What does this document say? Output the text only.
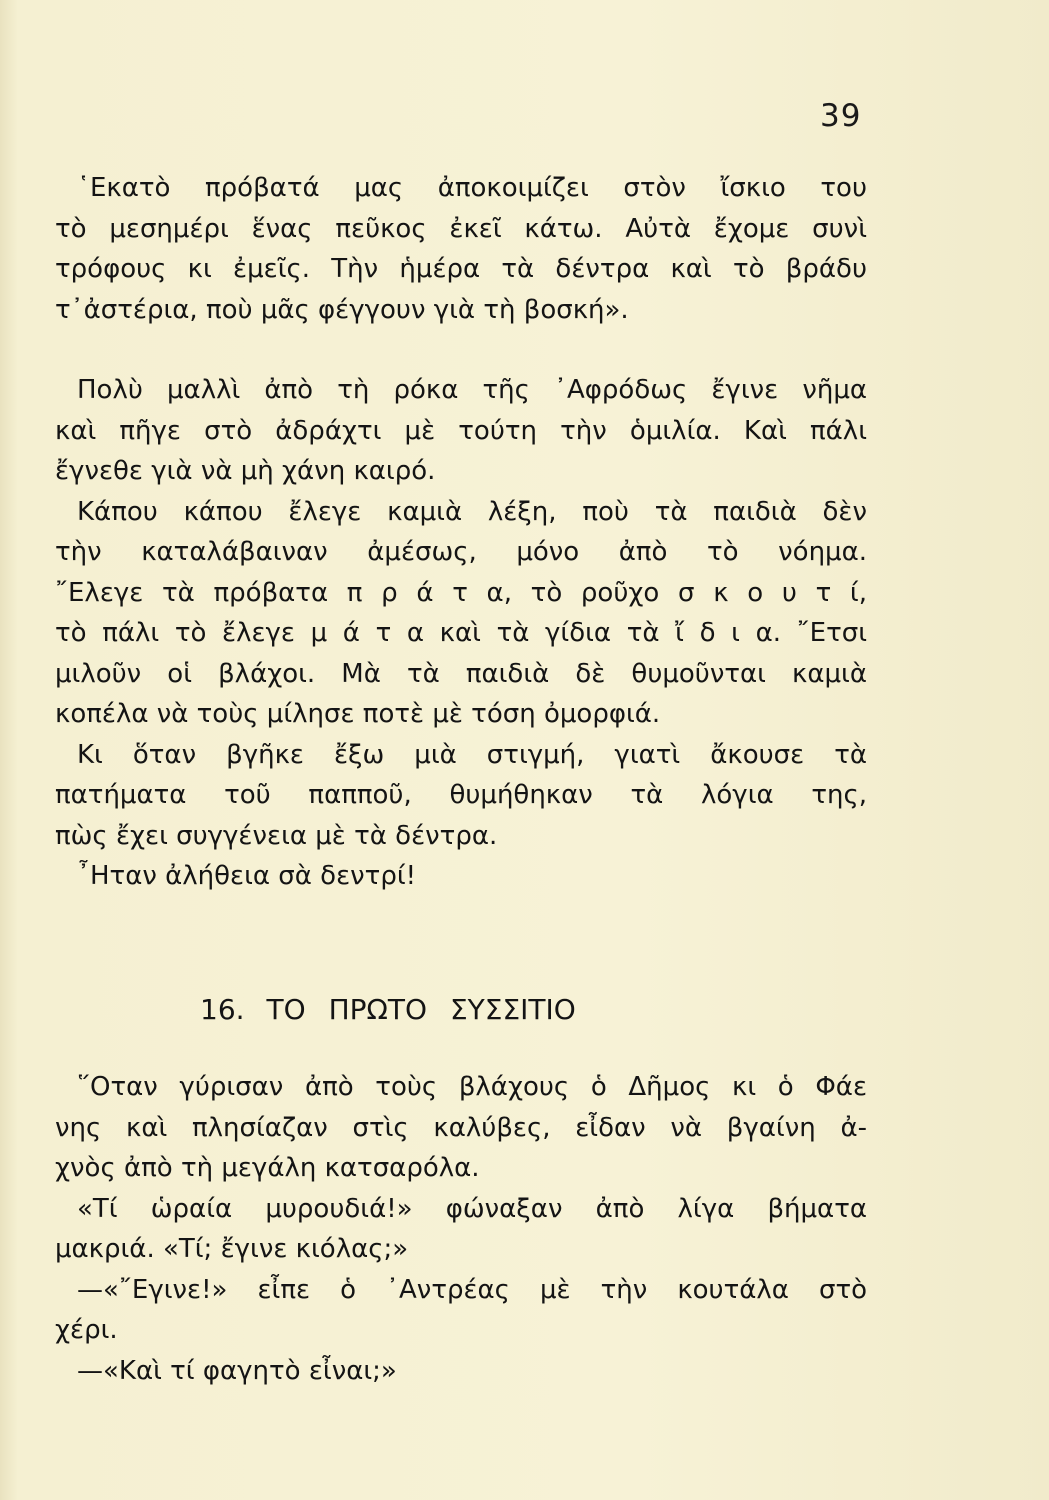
39
῾Εκατὸ πρόβατά μας ἀποκοιμίζει στὸν ἴσκιο του
τὸ μεσημέρι ἕνας πεῦκος ἐκεῖ κάτω. Αὐτὰ ἔχομε συνὶ
τρόφους κι ἐμεῖς. Τὴν ἡμέρα τὰ δέντρα καὶ τὸ βράδυ
τ᾿ἀστέρια, ποὺ μᾶς φέγγουν γιὰ τὴ βοσκή».
Πολὺ μαλλὶ ἀπὸ τὴ ρόκα τῆς ᾿Αφρόδως ἔγινε νῆμα
καὶ πῆγε στὸ ἀδράχτι μὲ τούτη τὴν ὁμιλία. Καὶ πάλι
ἔγνεθε γιὰ νὰ μὴ χάνη καιρό.
Κάπου κάπου ἔλεγε καμιὰ λέξη, ποὺ τὰ παιδιὰ δὲν
τὴν καταλάβαιναν ἀμέσως, μόνο ἀπὸ τὸ νόημα.
῎Ελεγε τὰ πρόβατα π ρ ά τ α, τὸ ροῦχο σ κ ο υ τ ί,
τὸ πάλι τὸ ἔλεγε μ ά τ α καὶ τὰ γίδια τὰ ἴ δ ι α. ῎Ετσι
μιλοῦν οἱ βλάχοι. Μὰ τὰ παιδιὰ δὲ θυμοῦνται καμιὰ
κοπέλα νὰ τοὺς μίλησε ποτὲ μὲ τόση ὀμορφιά.
Κι ὅταν βγῆκε ἔξω μιὰ στιγμή, γιατὶ ἄκουσε τὰ
πατήματα τοῦ παπποῦ, θυμήθηκαν τὰ λόγια της,
πὼς ἔχει συγγένεια μὲ τὰ δέντρα.
῏Ηταν ἀλήθεια σὰ δεντρί!
16. ΤΟ ΠΡΩΤΟ ΣΥΣΣΙΤΙΟ
῞Οταν γύρισαν ἀπὸ τοὺς βλάχους ὁ Δῆμος κι ὁ Φάε
νης καὶ πλησίαζαν στὶς καλύβες, εἶδαν νὰ βγαίνη ἀ-
χνὸς ἀπὸ τὴ μεγάλη κατσαρόλα.
«Τί ὡραία μυρουδιά!» φώναξαν ἀπὸ λίγα βήματα
μακριά. «Τί; ἔγινε κιόλας;»
—«῎Εγινε!» εἶπε ὁ ᾿Αντρέας μὲ τὴν κουτάλα στὸ
χέρι.
—«Καὶ τί φαγητὸ εἶναι;»
